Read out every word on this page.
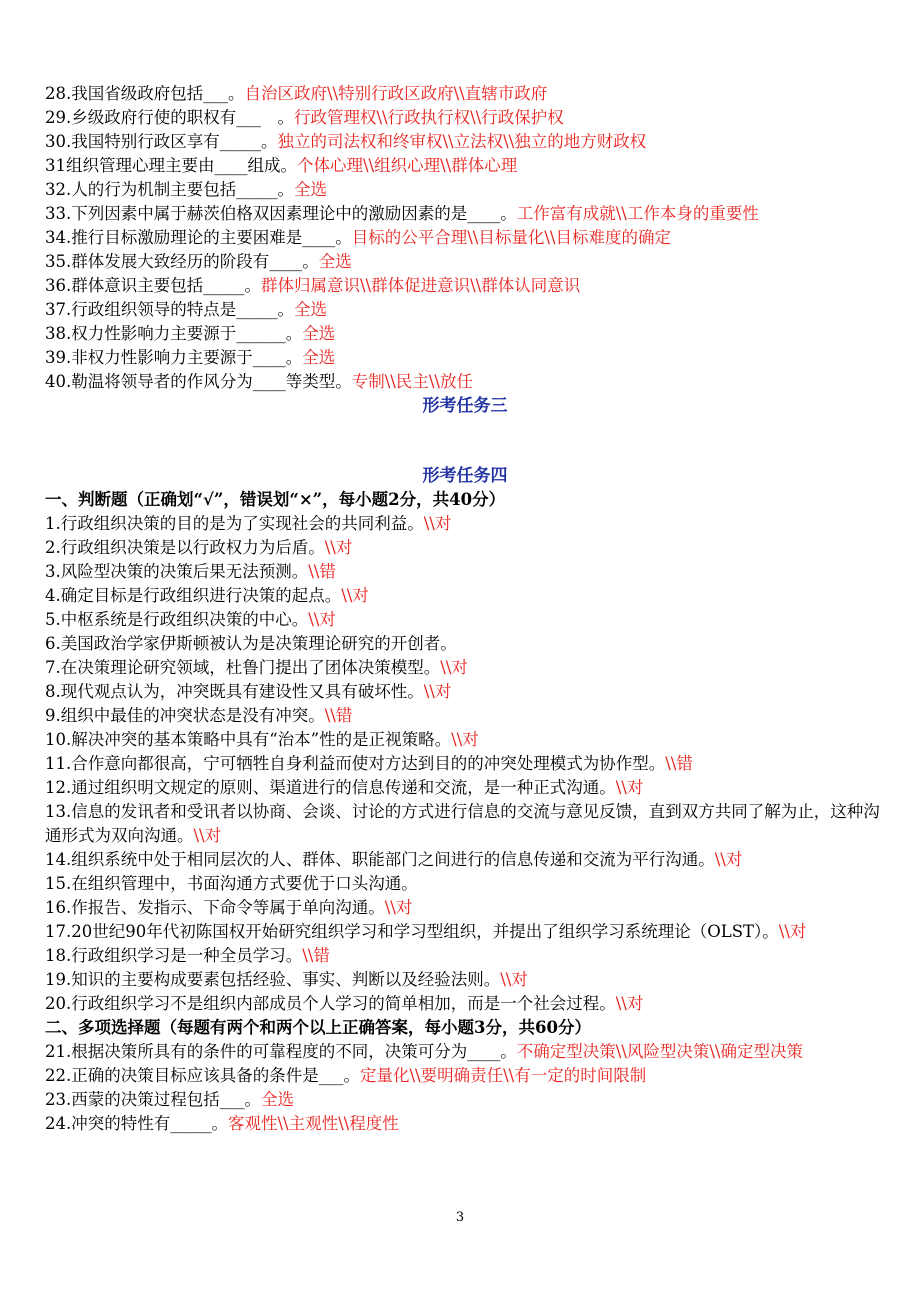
28.我国省级政府包括___。自治区政府\\特别行政区政府\\直辖市政府
29.乡级政府行使的职权有___　。行政管理权\\行政执行权\\行政保护权
30.我国特别行政区享有_____。独立的司法权和终审权\\立法权\\独立的地方财政权
31组织管理心理主要由____组成。个体心理\\组织心理\\群体心理
32.人的行为机制主要包括_____。全选
33.下列因素中属于赫茨伯格双因素理论中的激励因素的是____。工作富有成就\\工作本身的重要性
34.推行目标激励理论的主要困难是____。目标的公平合理\\目标量化\\目标难度的确定
35.群体发展大致经历的阶段有____。全选
36.群体意识主要包括_____。群体归属意识\\群体促进意识\\群体认同意识
37.行政组织领导的特点是_____。全选
38.权力性影响力主要源于______。全选
39.非权力性影响力主要源于____。全选
40.勒温将领导者的作风分为____等类型。专制\\民主\\放任
形考任务三
形考任务四
一、判断题（正确划“√”，错误划“×”，每小题2分，共40分）
1.行政组织决策的目的是为了实现社会的共同利益。\\对
2.行政组织决策是以行政权力为后盾。\\对
3.风险型决策的决策后果无法预测。\\错
4.确定目标是行政组织进行决策的起点。\\对
5.中枢系统是行政组织决策的中心。\\对
6.美国政治学家伊斯顿被认为是决策理论研究的开创者。
7.在决策理论研究领域，杜鲁门提出了团体决策模型。\\对
8.现代观点认为，冲突既具有建设性又具有破坏性。\\对
9.组织中最佳的冲突状态是没有冲突。\\错
10.解决冲突的基本策略中具有“治本”性的是正视策略。\\对
11.合作意向都很高，宁可牺牲自身利益而使对方达到目的的冲突处理模式为协作型。\\错
12.通过组织明文规定的原则、渠道进行的信息传递和交流，是一种正式沟通。\\对
13.信息的发讯者和受讯者以协商、会谈、讨论的方式进行信息的交流与意见反馈，直到双方共同了解为止，这种沟通形式为双向沟通。\\对
14.组织系统中处于相同层次的人、群体、职能部门之间进行的信息传递和交流为平行沟通。\\对
15.在组织管理中，书面沟通方式要优于口头沟通。
16.作报告、发指示、下命令等属于单向沟通。\\对
17.20世纪90年代初陈国权开始研究组织学习和学习型组织，并提出了组织学习系统理论（OLST）。\\对
18.行政组织学习是一种全员学习。\\错
19.知识的主要构成要素包括经验、事实、判断以及经验法则。\\对
20.行政组织学习不是组织内部成员个人学习的简单相加，而是一个社会过程。\\对
二、多项选择题（每题有两个和两个以上正确答案，每小题3分，共60分）
21.根据决策所具有的条件的可靠程度的不同，决策可分为____。不确定型决策\\风险型决策\\确定型决策
22.正确的决策目标应该具备的条件是___。定量化\\要明确责任\\有一定的时间限制
23.西蒙的决策过程包括___。全选
24.冲突的特性有_____。客观性\\主观性\\程度性
3
